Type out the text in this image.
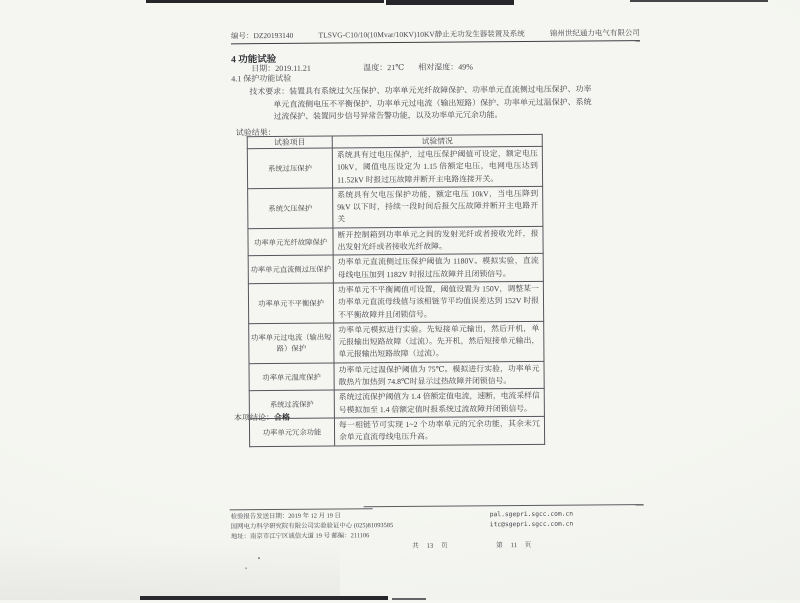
编号：DZ20193140	TLSVG-C10/10(10Mvar/10KV)10KV静止无功发生器装置及系统	锦州世纪通力电气有限公司
4 功能试验
日期：2019.11.21	温度：21℃ 相对湿度：49%
4.1 保护功能试验
技术要求：装置具有系统过欠压保护、功率单元光纤故障保护、功率单元直流侧过电压保护、功率单元直流侧电压不平衡保护、功率单元过电流（输出短路）保护、功率单元过温保护、系统过流保护、装置同步信号异常告警功能，以及功率单元冗余功能。
试验结果：
试验项目	试验情况
系统过压保护	系统具有过电压保护，过电压保护阈值可设定，额定电压 10kV，阈值电压设定为 1.15 倍额定电压，电网电压达到 11.52kV 时报过压故障并断开主电路连接开关。
系统欠压保护	系统具有欠电压保护功能，额定电压 10kV，当电压降到 9kV 以下时，持续一段时间后报欠压故障并断开主电路开关
功率单元光纤故障保护	断开控制箱到功率单元之间的发射光纤或者接收光纤，报出发射光纤或者接收光纤故障。
功率单元直流侧过压保护	功率单元直流侧过压保护阈值为 1180V。模拟实验，直流母线电压加到 1182V 时报过压故障并且闭锁信号。
功率单元不平衡保护	功率单元不平衡阈值可设置，阈值设置为 150V，调整某一功率单元直流母线值与该相链节平均值误差达到 152V 时报不平衡故障并且闭锁信号。
功率单元过电流（输出短路）保护	功率单元模拟进行实验。先短接单元输出，然后开机，单元报输出短路故障（过流）。先开机，然后短接单元输出，单元报输出短路故障（过流）。
功率单元温度保护	功率单元过温保护阈值为 75℃。模拟进行实验，功率单元散热片加热到 74.8℃时显示过热故障并闭锁信号。
系统过流保护	系统过流保护阈值为 1.4 倍额定值电流，速断，电流采样信号模拟加至 1.4 倍额定值时报系统过流故障并闭锁信号。
功率单元冗余功能	每一相链节可实现 1~2 个功率单元的冗余功能，其余未冗余单元直流母线电压升高。
本项结论：合格
检验报告发送日期：2019 年 12 月 19 日
国网电力科学研究院有限公司实验验证中心 (025)81093585
地址：南京市江宁区诚信大道 19 号 邮编：211106
pal.sgepri.sgcc.com.cn
itc@sgepri.sgcc.com.cn
共 13 页	第 11 页
